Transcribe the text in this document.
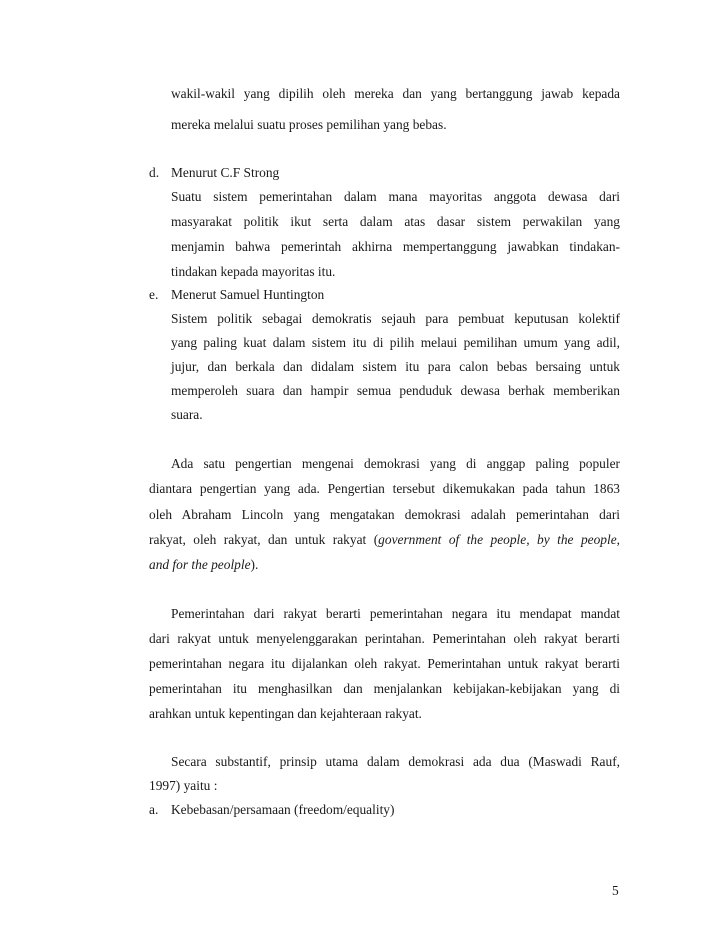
wakil-wakil yang dipilih oleh mereka dan yang bertanggung jawab kepada
mereka melalui suatu proses pemilihan yang bebas.
d. Menurut C.F Strong
Suatu sistem pemerintahan dalam mana mayoritas anggota dewasa dari
masyarakat politik ikut serta dalam atas dasar sistem perwakilan yang
menjamin bahwa pemerintah akhirna mempertanggung jawabkan tindakan-
tindakan kepada mayoritas itu.
e. Menerut Samuel Huntington
Sistem politik sebagai demokratis sejauh para pembuat keputusan kolektif
yang paling kuat dalam sistem itu di pilih melaui pemilihan umum yang adil,
jujur, dan berkala dan didalam sistem itu para calon bebas bersaing untuk
memperoleh suara dan hampir semua penduduk dewasa berhak memberikan
suara.
Ada satu pengertian mengenai demokrasi yang di anggap paling populer
diantara pengertian yang ada. Pengertian tersebut dikemukakan pada tahun 1863
oleh Abraham Lincoln yang mengatakan demokrasi adalah pemerintahan dari
rakyat, oleh rakyat, dan untuk rakyat (government of the people, by the people,
and for the peolple).
Pemerintahan dari rakyat berarti pemerintahan negara itu mendapat mandat
dari rakyat untuk menyelenggarakan perintahan. Pemerintahan oleh rakyat berarti
pemerintahan negara itu dijalankan oleh rakyat. Pemerintahan untuk rakyat berarti
pemerintahan itu menghasilkan dan menjalankan kebijakan-kebijakan yang di
arahkan untuk kepentingan dan kejahteraan rakyat.
Secara substantif, prinsip utama dalam demokrasi ada dua (Maswadi Rauf,
1997) yaitu :
a. Kebebasan/persamaan (freedom/equality)
5
